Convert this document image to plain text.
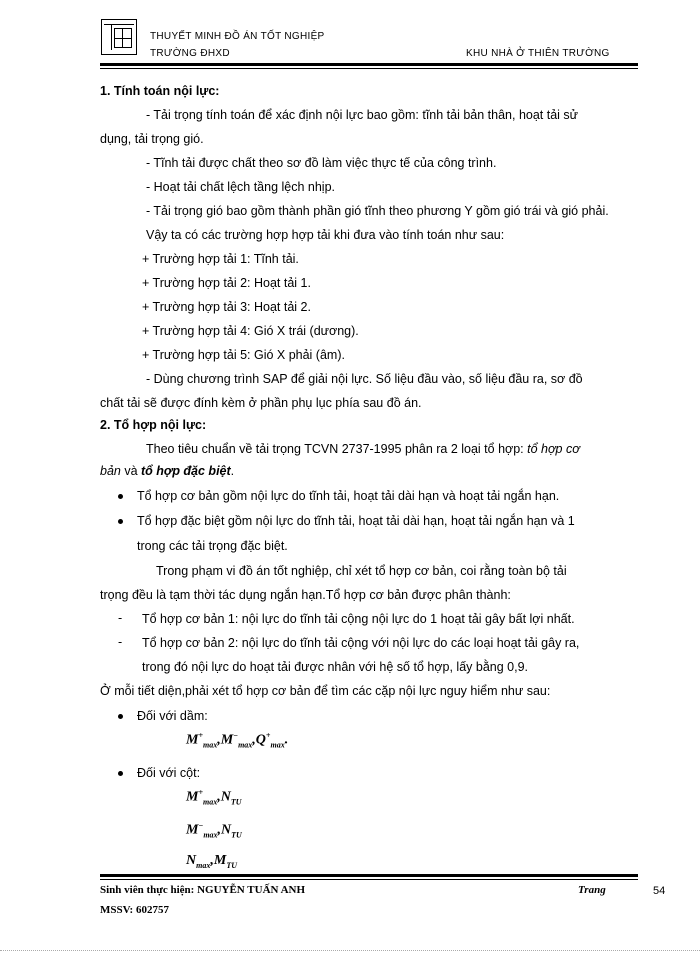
THUYẾT MINH ĐỒ ÁN TỐT NGHIỆP
TRƯỜNG ĐHXD	KHU NHÀ Ở THIÊN TRƯỜNG
1. Tính toán nội lực:
- Tải trọng tính toán để xác định nội lực bao gồm: tĩnh tải bản thân, hoạt tải sử
dụng, tải trọng gió.
- Tĩnh tải được chất theo sơ đồ làm việc thực tế của công trình.
- Hoạt tải chất lệch tầng lệch nhịp.
- Tải trọng gió bao gồm thành phần gió tĩnh theo phương Y gồm gió trái và gió phải.
Vậy ta có các trường hợp hợp tải khi đưa vào tính toán như sau:
+ Trường hợp tải 1: Tĩnh tải.
+ Trường hợp tải 2: Hoạt tải 1.
+ Trường hợp tải 3: Hoạt tải 2.
+ Trường hợp tải 4: Gió X trái (dương).
+ Trường hợp tải 5: Gió X phải (âm).
- Dùng chương trình SAP để giải nội lực. Số liệu đầu vào, số liệu đầu ra, sơ đồ
chất tải sẽ được đính kèm ở phần phụ lục phía sau đồ án.
2. Tổ hợp nội lực:
Theo tiêu chuẩn về tải trọng TCVN 2737-1995 phân ra 2 loại tổ hợp: tổ hợp cơ
bản và tổ hợp đặc biệt.
Tổ hợp cơ bản gồm nội lực do tĩnh tải, hoạt tải dài hạn và hoạt tải ngắn hạn.
Tổ hợp đặc biệt gồm nội lực do tĩnh tải, hoạt tải dài hạn, hoạt tải ngắn hạn và 1
trong các tải trọng đặc biệt.
Trong phạm vi đồ án tốt nghiệp, chỉ xét tổ hợp cơ bản, coi rằng toàn bộ tải
trọng đều là tạm thời tác dụng ngắn hạn.Tổ hợp cơ bản được phân thành:
- Tổ hợp cơ bản 1: nội lực do tĩnh tải cộng nội lực do 1 hoạt tải gây bất lợi nhất.
- Tổ hợp cơ bản 2: nội lực do tĩnh tải cộng với nội lực do các loại hoạt tải gây ra,
trong đó nội lực do hoạt tải được nhân với hệ số tổ hợp, lấy bằng 0,9.
Ở mỗi tiết diện,phải xét tổ hợp cơ bản để tìm các cặp nội lực nguy hiểm như sau:
Đối với dầm:
$M^+_{max},M^-_{max},Q^+_{max}$.
Đối với cột:
$M^+_{max},N_{TU}$
$M^-_{max},N_{TU}$
$N_{max},M_{TU}$
Sinh viên thực hiện: NGUYỄN TUẤN ANH	Trang	54
MSSV: 602757
